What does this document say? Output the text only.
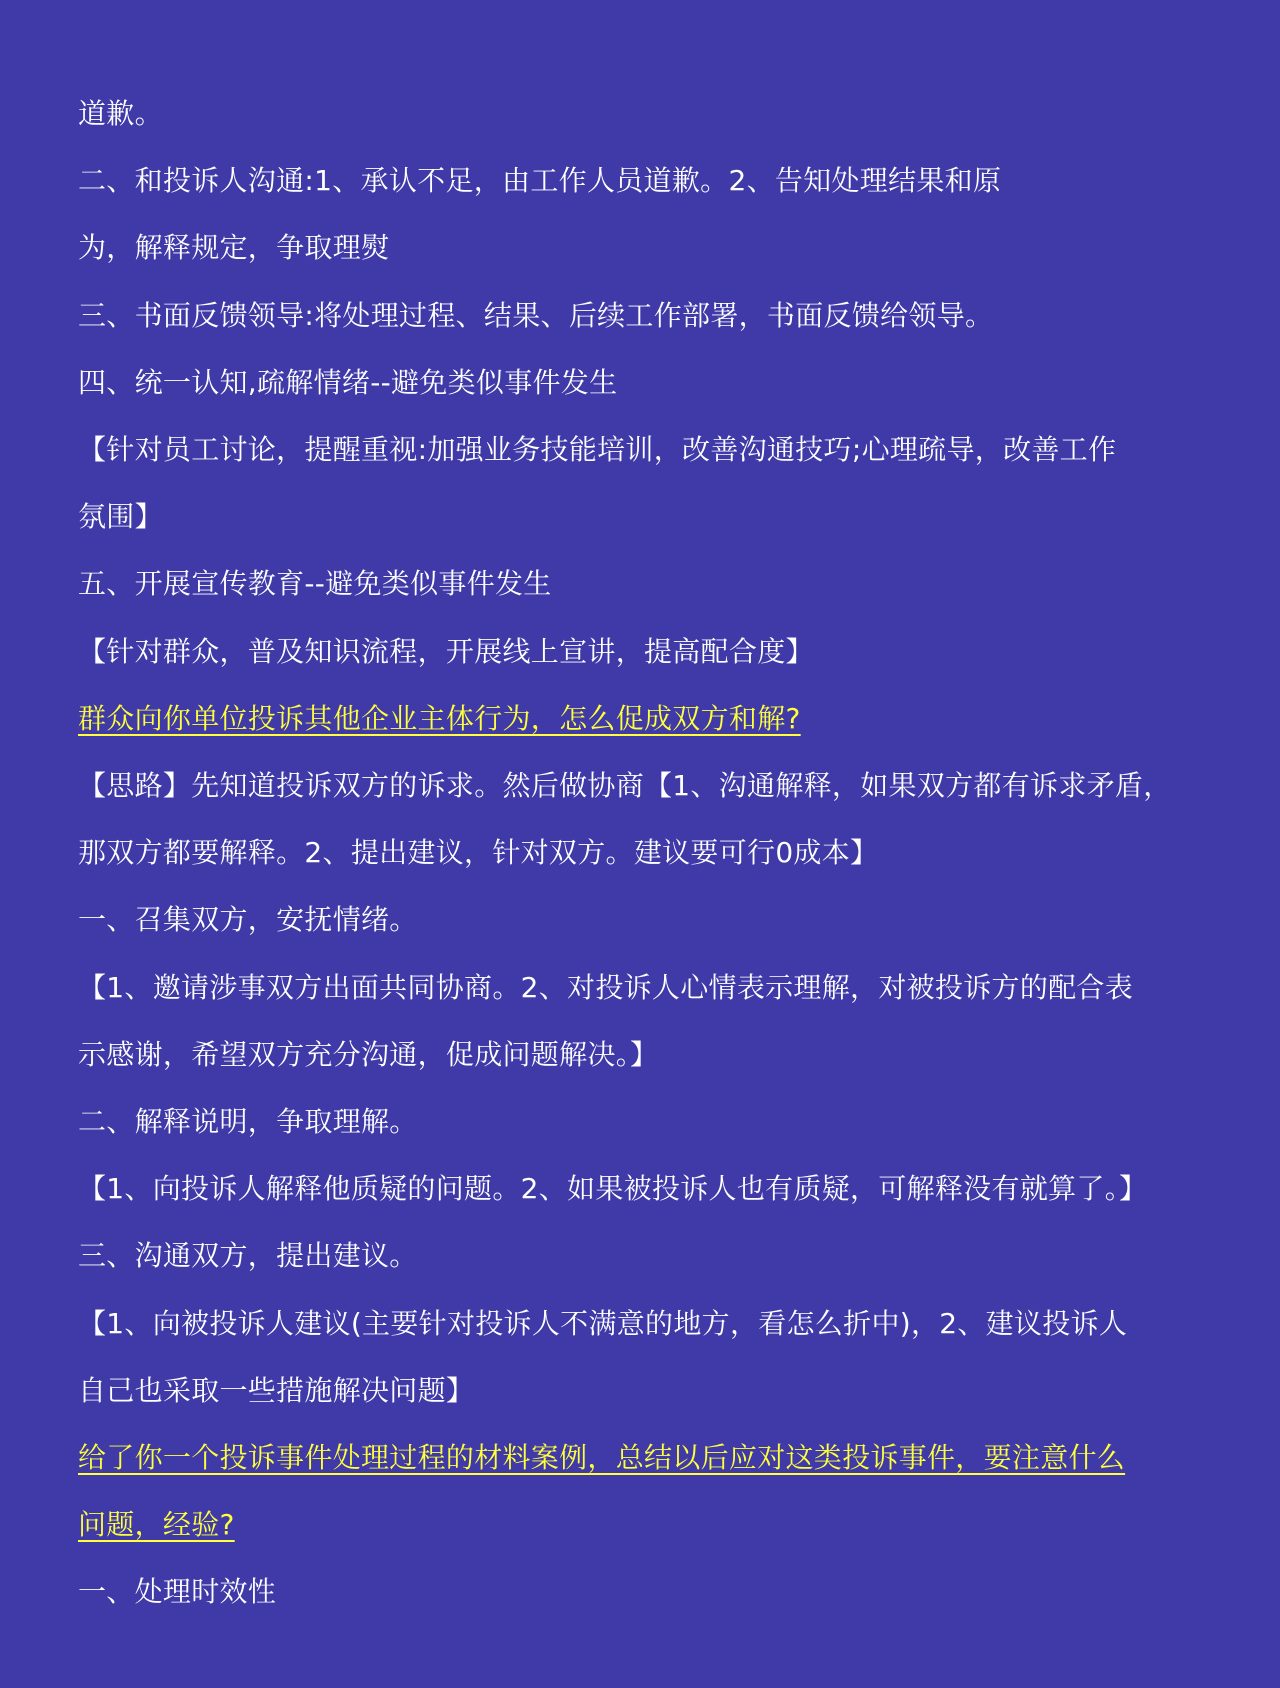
道歉。
二、和投诉人沟通:1、承认不足，由工作人员道歉。2、告知处理结果和原
为，解释规定，争取理熨
三、书面反馈领导:将处理过程、结果、后续工作部署，书面反馈给领导。
四、统一认知,疏解情绪--避免类似事件发生
【针对员工讨论，提醒重视:加强业务技能培训，改善沟通技巧;心理疏导，改善工作
氛围】
五、开展宣传教育--避免类似事件发生
【针对群众，普及知识流程，开展线上宣讲，提高配合度】
群众向你单位投诉其他企业主体行为，怎么促成双方和解?
【思路】先知道投诉双方的诉求。然后做协商【1、沟通解释，如果双方都有诉求矛盾，
那双方都要解释。2、提出建议，针对双方。建议要可行0成本】
一、召集双方，安抚情绪。
【1、邀请涉事双方出面共同协商。2、对投诉人心情表示理解，对被投诉方的配合表
示感谢，希望双方充分沟通，促成问题解决。】
二、解释说明，争取理解。
【1、向投诉人解释他质疑的问题。2、如果被投诉人也有质疑，可解释没有就算了。】
三、沟通双方，提出建议。
【1、向被投诉人建议(主要针对投诉人不满意的地方，看怎么折中)，2、建议投诉人
自己也采取一些措施解决问题】
给了你一个投诉事件处理过程的材料案例，总结以后应对这类投诉事件，要注意什么
问题，经验?
一、处理时效性
